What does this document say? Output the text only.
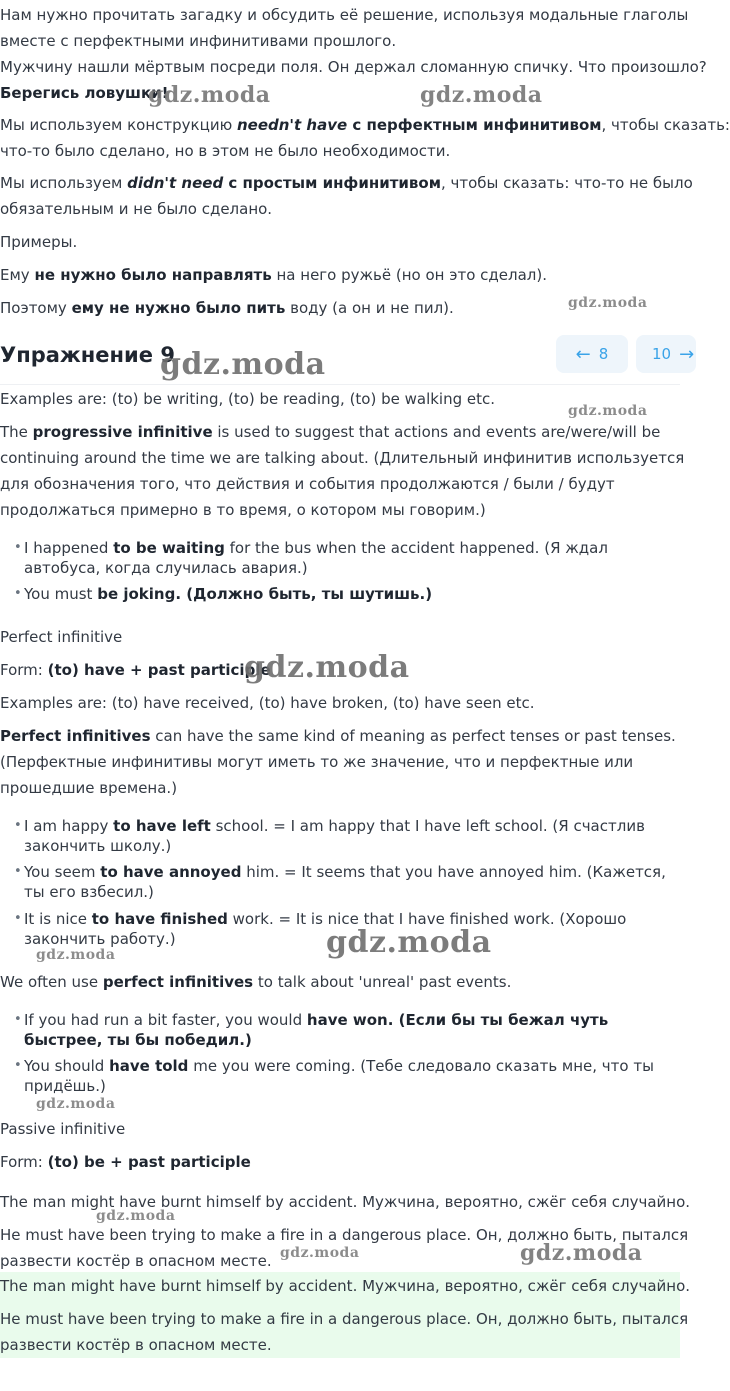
Нам нужно прочитать загадку и обсудить её решение, используя модальные глаголы
вместе с перфектными инфинитивами прошлого.
Мужчину нашли мёртвым посреди поля. Он держал сломанную спичку. Что произошло?
Берегись ловушки!
Мы используем конструкцию needn't have с перфектным инфинитивом, чтобы сказать:
что-то было сделано, но в этом не было необходимости.
Мы используем didn't need с простым инфинитивом, чтобы сказать: что-то не было
обязательным и не было сделано.
Примеры.
Ему не нужно было направлять на него ружьё (но он это сделал).
Поэтому ему не нужно было пить воду (а он и не пил).
Упражнение 9	← 8	10 →
Examples are: (to) be writing, (to) be reading, (to) be walking etc.
The progressive infinitive is used to suggest that actions and events are/were/will be
continuing around the time we are talking about. (Длительный инфинитив используется
для обозначения того, что действия и события продолжаются / были / будут
продолжаться примерно в то время, о котором мы говорим.)
• I happened to be waiting for the bus when the accident happened. (Я ждал автобуса, когда случилась авария.)
• You must be joking. (Должно быть, ты шутишь.)
Perfect infinitive
Form: (to) have + past participle
Examples are: (to) have received, (to) have broken, (to) have seen etc.
Perfect infinitives can have the same kind of meaning as perfect tenses or past tenses.
(Перфектные инфинитивы могут иметь то же значение, что и перфектные или
прошедшие времена.)
• I am happy to have left school. = I am happy that I have left school. (Я счастлив закончить школу.)
• You seem to have annoyed him. = It seems that you have annoyed him. (Кажется, ты его взбесил.)
• It is nice to have finished work. = It is nice that I have finished work. (Хорошо закончить работу.)
We often use perfect infinitives to talk about 'unreal' past events.
• If you had run a bit faster, you would have won. (Если бы ты бежал чуть быстрее, ты бы победил.)
• You should have told me you were coming. (Тебе следовало сказать мне, что ты придёшь.)
Passive infinitive
Form: (to) be + past participle
The man might have burnt himself by accident. Мужчина, вероятно, сжёг себя случайно.
He must have been trying to make a fire in a dangerous place. Он, должно быть, пытался
развести костёр в опасном месте.
The man might have burnt himself by accident. Мужчина, вероятно, сжёг себя случайно.
He must have been trying to make a fire in a dangerous place. Он, должно быть, пытался
развести костёр в опасном месте.
gdz.moda	gdz.moda
gdz.moda
gdz.moda
gdz.moda
gdz.moda
gdz.moda
gdz.moda
gdz.moda
gdz.moda
gdz.moda	gdz.moda
